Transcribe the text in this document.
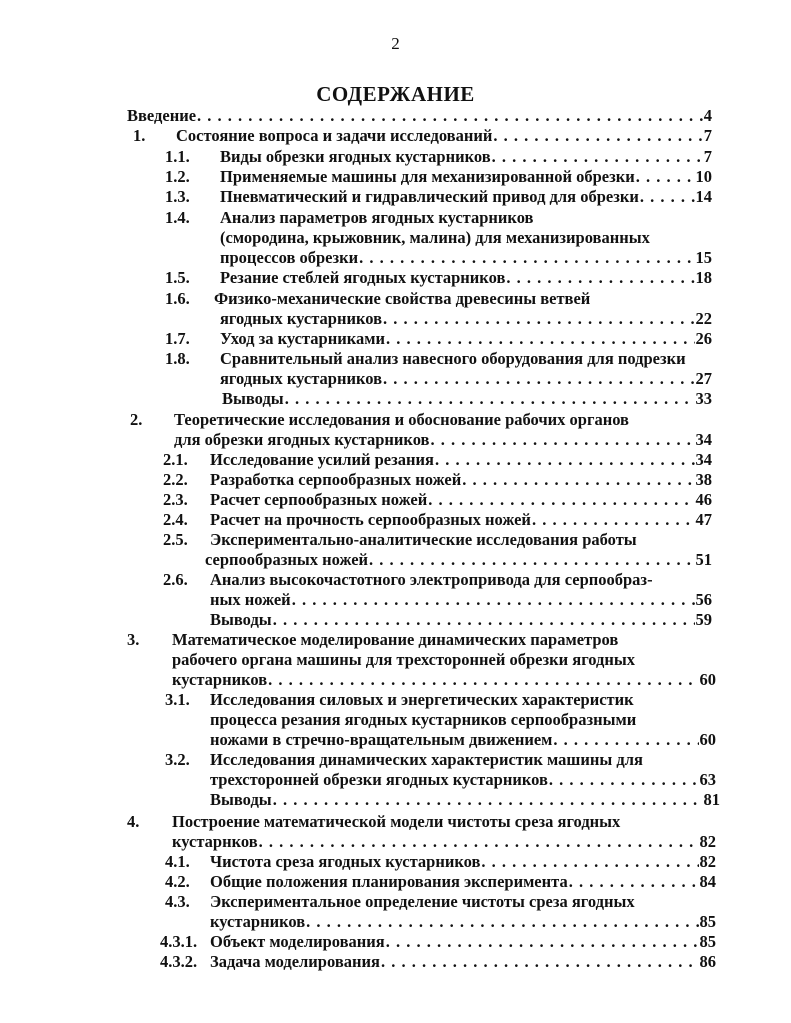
2
СОДЕРЖАНИЕ
Введение . . .	4
1. Состояние вопроса и задачи исследований . . .	7
1.1. Виды обрезки ягодных кустарников . . .	7
1.2. Применяемые машины для механизированной обрезки . . .	10
1.3. Пневматический и гидравлический привод для обрезки . . .	14
1.4. Анализ параметров ягодных кустарников
(смородина, крыжовник, малина) для механизированных
процессов обрезки . . .	15
1.5. Резание стеблей ягодных кустарников . . .	18
1.6. Физико-механические свойства древесины ветвей
ягодных кустарников . . .	22
1.7. Уход за кустарниками . . .	26
1.8. Сравнительный анализ навесного оборудования для подрезки
ягодных кустарников . . .	27
Выводы . . .	33
2. Теоретические исследования и обоснование рабочих органов
для обрезки ягодных кустарников . . .	34
2.1. Исследование усилий резания . . .	34
2.2. Разработка серпообразных ножей . . .	38
2.3. Расчет серпообразных ножей . . .	46
2.4. Расчет на прочность серпообразных ножей . . .	47
2.5. Экспериментально-аналитические исследования работы
серпообразных ножей . . .	51
2.6. Анализ высокочастотного электропривода для серпообраз-
ных ножей . . .	56
Выводы . . .	59
3. Математическое моделирование динамических параметров
рабочего органа машины для трехсторонней обрезки ягодных
кустарников . . .	60
3.1. Исследования силовых и энергетических характеристик
процесса резания ягодных кустарников серпообразными
ножами в стречно-вращательным движением . . .	60
3.2. Исследования динамических характеристик машины для
трехсторонней обрезки ягодных кустарников . . .	63
Выводы . . .	81
4. Построение математической модели чистоты среза ягодных
кустарнков . . .	82
4.1. Чистота среза ягодных кустарников . . .	82
4.2. Общие положения планирования эксперимента . . .	84
4.3. Экспериментальное определение чистоты среза ягодных
кустарников . . .	85
4.3.1. Объект моделирования . . .	85
4.3.2. Задача моделирования . . .	86
